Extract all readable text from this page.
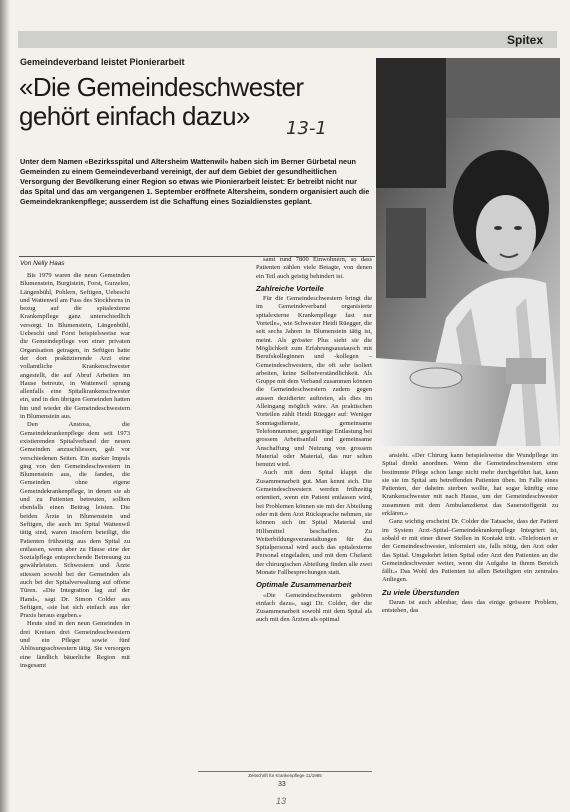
Spitex
Gemeindeverband leistet Pionierarbeit
«Die Gemeindeschwester gehört einfach dazu»	13-1

Unter dem Namen «Bezirksspital und Altersheim Wattenwil» haben sich im Berner Gürbetal neun Gemeinden zu einem Gemeindeverband vereinigt, der auf dem Gebiet der gesundheitlichen Versorgung der Bevölkerung einer Region so etwas wie Pionierarbeit leistet: Er betreibt nicht nur das Spital und das am vergangenen 1. September eröffnete Altersheim, sondern organisiert auch die Gemeindekrankenpflege; ausserdem ist die Schaffung eines Sozialdienstes geplant.

Von Nelly Haas

Bis 1979 waren die neun Gemeinden Blumenstein, Burgistein, Forst, Gurzelen, Längenbühl, Pohlern, Seftigen, Uebeschi und Wattenwil am Fuss des Stockhorns in bezug auf die spitalexterne Krankenpflege ganz unterschiedlich versorgt. In Blumenstein, Längenbühl, Uebeschi und Forst beispielsweise war die Gemeindepflege von einer privaten Organisation getragen, in Seftigen hatte der dort praktizierende Arzt eine vollamtliche Krankenschwester angestellt, die auf Abruf Arbeiten im Hause betreute, in Wattenwil sprang allenfalls eine Spitalkrankenschwester ein, und in den übrigen Gemeinden hatten hin und wieder die Gemeindeschwestern in Blumenstein aus.

Den Anstoss, die Gemeindekrankenpflege dem seit 1973 existierenden Spitalverband der neuen Gemeinden anzuschliessen, gab vor verschiedenen Seiten. Ein starker Impuls ging von den Gemeindeschwestern in Blumenstein aus, die fanden, die Gemeinden ohne eigene Gemeindekrankenpflege, in denen sie ab und zu Patienten betreuten, sollten ebenfalls einen Beitrag leisten. Die beiden Ärzte in Blumenstein und Seftigen, die auch im Spital Wattenwil tätig sind, waren insofern beteiligt, die Patienten frühzeitig aus dem Spital zu entlassen, wenn aber zu Hause eine der Sozialpflege entsprechende Betreuung zu gewährleisten. Schwestern und Ärzte stiessen sowohl bei der Gemeinden als auch bei der Spitalverwaltung auf offene Türen. «Die Integration lag auf der Hand», sagt Dr. Simon Colder aus Seftigen, «sie hat sich einfach aus der Praxis heraus ergeben.»

Heute sind in den neun Gemeinden in drei Kreisen drei Gemeindeschwestern und ein Pfleger sowie fünf Ablösungsschwestern tätig. Sie versorgen eine ländlich bäuerliche Region mit insgesamt

samt rund 7800 Einwohnern, so dass Patienten zählen viele Betagte, von denen ein Teil auch geistig behindert ist.

Zahlreiche Vorteile

Für die Gemeindeschwestern bringt die im Gemeindeverband organisierte spitalexterne Krankenpflege fast nur Vorteile», wie Schwester Heidi Rüegger, die seit sechs Jahren in Blumenstein tätig ist, meint. Als grösster Plus sieht sie die Möglichkeit zum Erfahrungsaustausch mit Berufskolleginnen und -kollegen – Gemeindeschwestern, die oft sehr isoliert arbeiten, keine Selbstverständlichkeit. Als Gruppe mit dem Verband zusammen können die Gemeindeschwestern zudem gegen aussen dezidierter auftreten, als dies im Alleingang möglich wäre. An praktischen Vorteilen zählt Heidi Rüegger auf: Weniger Sonntagsdienste, gemeinsame Telefonnummer, gegenseitige Entlastung bei grossem Arbeitsanfall und gemeinsame Anschaffung und Nutzung von grossem Material oder Material, das nur selten benutzt wird.

Auch mit dem Spital klappt die Zusammenarbeit gut. Man kennt sich. Die Gemeindeschwestern werden frühzeitig orientiert, wenn ein Patient entlassen wird, bei Problemen können sie mit der Abteilung oder mit dem Arzt Rücksprache nehmen, sie können sich im Spital Material und Hilfsmittel beschaffen. Zu Weiterbildungsveranstaltungen für das Spitalpersonal wird auch das spitalexterne Personal eingeladen, und mit dem Chefarzt der chirurgischen Abteilung finden alle zwei Monate Fallbesprechungen statt.

Optimale Zusammenarbeit

«Die Gemeindeschwestern gehören einfach dazu», sagt Dr. Colder, der die Zusammenarbeit sowohl mit dem Spital als auch mit den Ärzten als optimal

ansieht. «Der Chirurg kann beispielsweise die Wundpflege im Spital direkt anordnen. Wenn die Gemeindeschwestern eine bestimmte Pflege schon lange nicht mehr durchgeführt hat, kann sie sie im Spital am betreffenden Patienten üben. Im Falle eines Patienten, der daheim sterben wollte, hat sogar künftig eine Krankenschwester mit nach Hause, um der Gemeindeschwester zusammen mit dem Ambulanzdienst das Sauerstoffgerät zu erklären.»

Ganz wichtig erscheint Dr. Colder die Tatsache, dass der Patient im System Arzt–Spital–Gemeindekrankenpflege Integriert ist, sobald er mit einer dieser Stellen in Kontakt tritt. «Telefoniert er der Gemeindeschwester, informiert sie, falls nötig, den Arzt oder das Spital. Umgekehrt leiten Spital oder Arzt den Patienten an die Gemeindeschwester weiter, wenn die Aufgabe in ihrem Bereich fällt.» Das Wohl des Patienten ist allen Beteiligten ein zentrales Anliegen.

Zu viele Überstunden

Daran ist auch ablesbar, dass das einige grössere Problem, entstehen, das

Zeitschrift für Krankenpflege 11/1985
33
13
